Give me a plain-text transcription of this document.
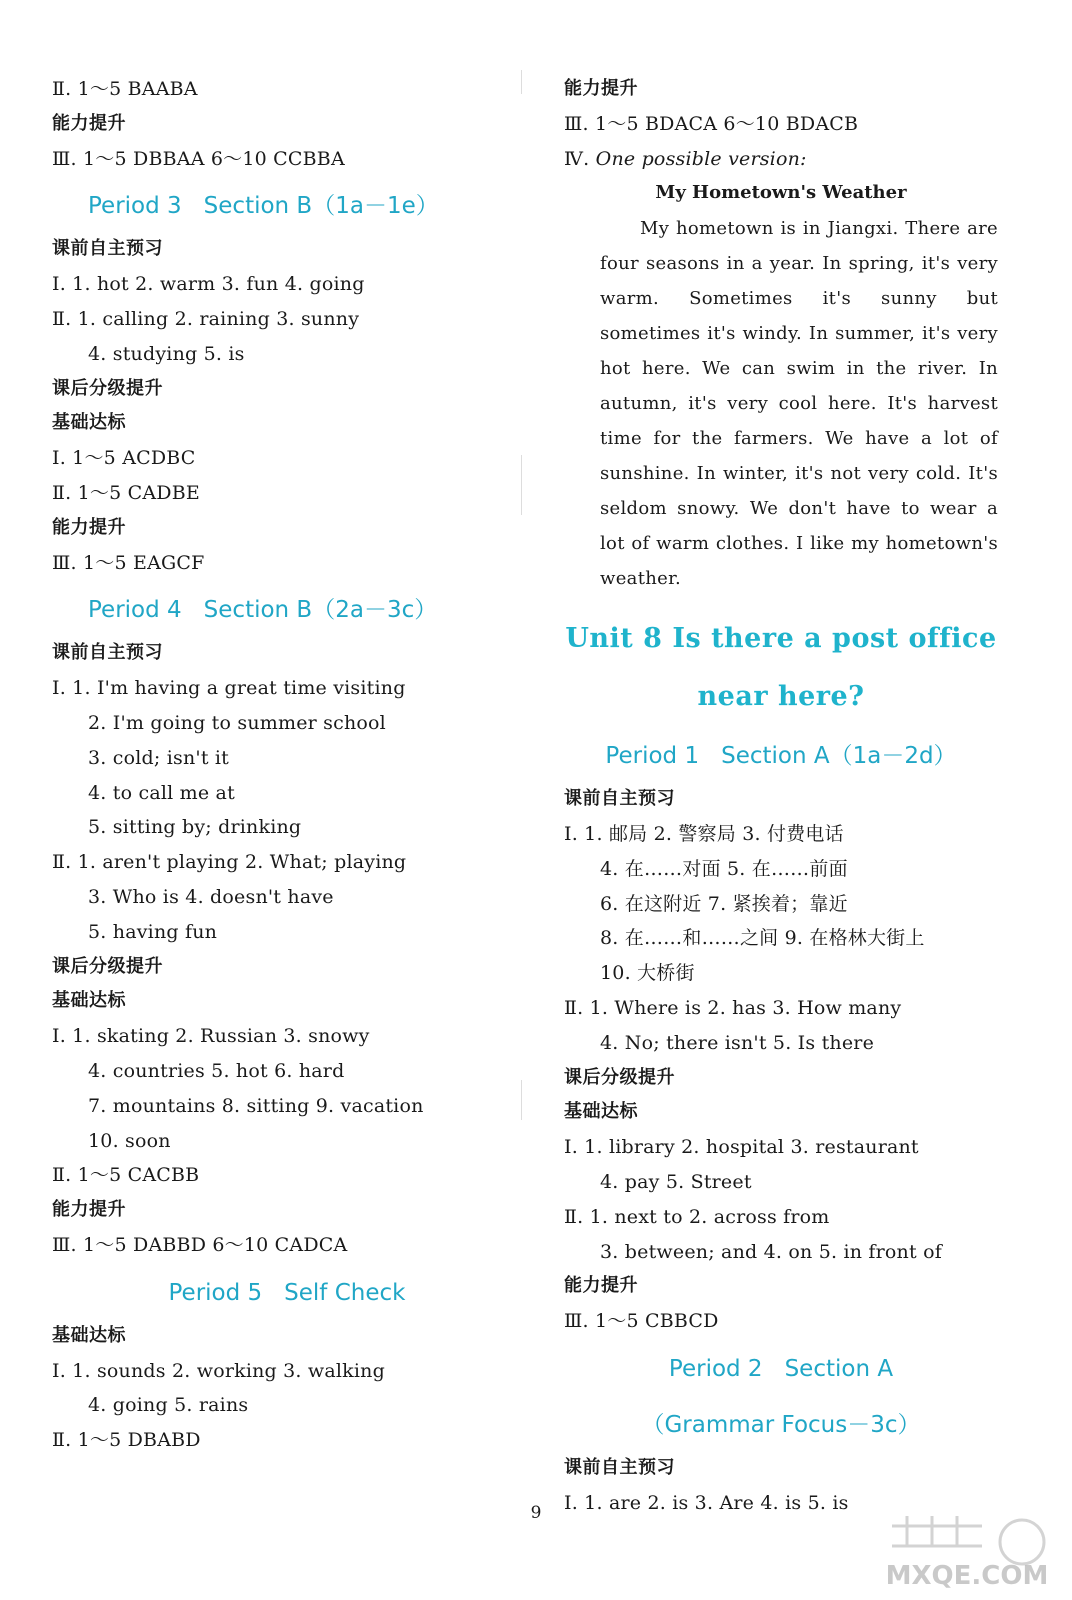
Ⅱ. 1～5 BAABA
能力提升
Ⅲ. 1～5 DBBAA 6～10 CCBBA
Period 3 Section B（1a－1e）
课前自主预习
Ⅰ. 1. hot 2. warm 3. fun 4. going
Ⅱ. 1. calling 2. raining 3. sunny
4. studying 5. is
课后分级提升
基础达标
Ⅰ. 1～5 ACDBC
Ⅱ. 1～5 CADBE
能力提升
Ⅲ. 1～5 EAGCF
Period 4 Section B（2a－3c）
课前自主预习
Ⅰ. 1. I'm having a great time visiting
2. I'm going to summer school
3. cold; isn't it
4. to call me at
5. sitting by; drinking
Ⅱ. 1. aren't playing 2. What; playing
3. Who is 4. doesn't have
5. having fun
课后分级提升
基础达标
Ⅰ. 1. skating 2. Russian 3. snowy
4. countries 5. hot 6. hard
7. mountains 8. sitting 9. vacation
10. soon
Ⅱ. 1～5 CACBB
能力提升
Ⅲ. 1～5 DABBD 6～10 CADCA
Period 5 Self Check
基础达标
Ⅰ. 1. sounds 2. working 3. walking
4. going 5. rains
Ⅱ. 1～5 DBABD
能力提升
Ⅲ. 1～5 BDACA 6～10 BDACB
Ⅳ. One possible version:
My Hometown's Weather
My hometown is in Jiangxi. There are four seasons in a year. In spring, it's very warm. Sometimes it's sunny but sometimes it's windy. In summer, it's very hot here. We can swim in the river. In autumn, it's very cool here. It's harvest time for the farmers. We have a lot of sunshine. In winter, it's not very cold. It's seldom snowy. We don't have to wear a lot of warm clothes. I like my hometown's weather.
Unit 8 Is there a post office
near here?
Period 1 Section A（1a－2d）
课前自主预习
Ⅰ. 1. 邮局 2. 警察局 3. 付费电话
4. 在……对面 5. 在……前面
6. 在这附近 7. 紧挨着；靠近
8. 在……和……之间 9. 在格林大街上
10. 大桥街
Ⅱ. 1. Where is 2. has 3. How many
4. No; there isn't 5. Is there
课后分级提升
基础达标
Ⅰ. 1. library 2. hospital 3. restaurant
4. pay 5. Street
Ⅱ. 1. next to 2. across from
3. between; and 4. on 5. in front of
能力提升
Ⅲ. 1～5 CBBCD
Period 2 Section A
（Grammar Focus－3c）
课前自主预习
Ⅰ. 1. are 2. is 3. Are 4. is 5. is
9
MXQE.COM
